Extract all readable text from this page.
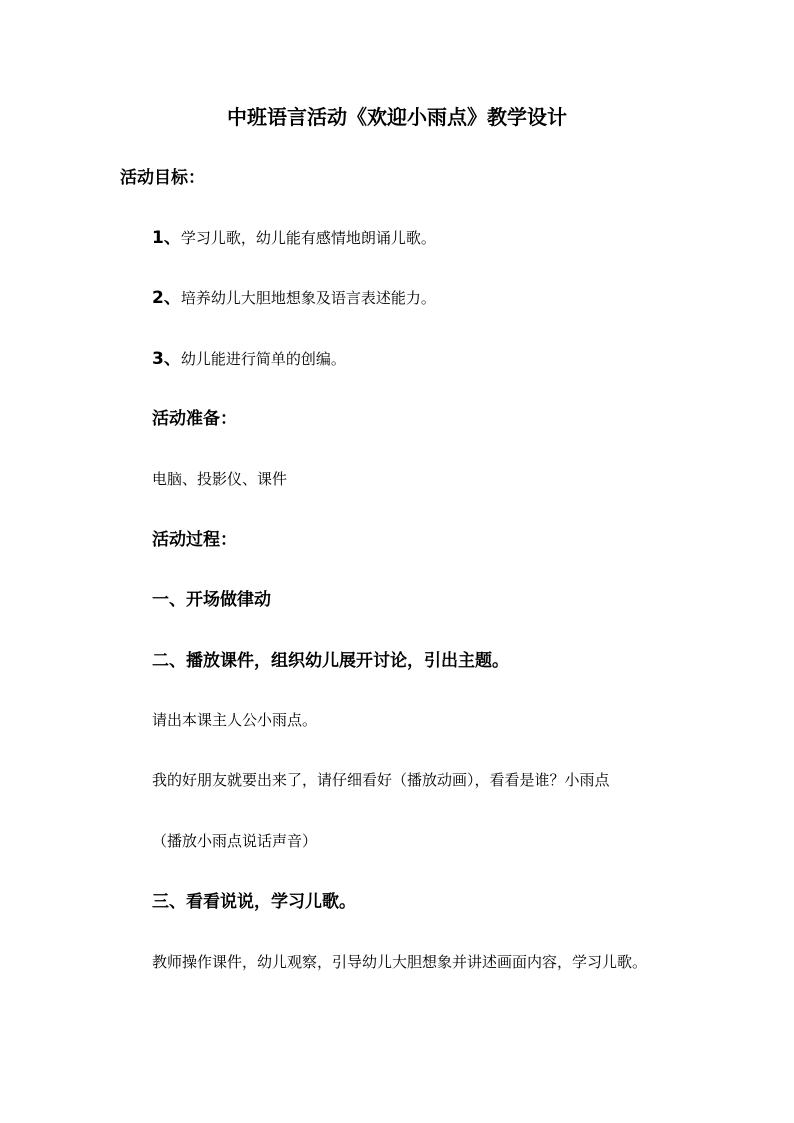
中班语言活动《欢迎小雨点》教学设计
活动目标：
1、学习儿歌，幼儿能有感情地朗诵儿歌。
2、培养幼儿大胆地想象及语言表述能力。
3、幼儿能进行简单的创编。
活动准备：
电脑、投影仪、课件
活动过程：
一、开场做律动
二、播放课件，组织幼儿展开讨论，引出主题。
请出本课主人公小雨点。
我的好朋友就要出来了，请仔细看好（播放动画），看看是谁？小雨点
（播放小雨点说话声音）
三、看看说说，学习儿歌。
教师操作课件，幼儿观察，引导幼儿大胆想象并讲述画面内容，学习儿歌。
